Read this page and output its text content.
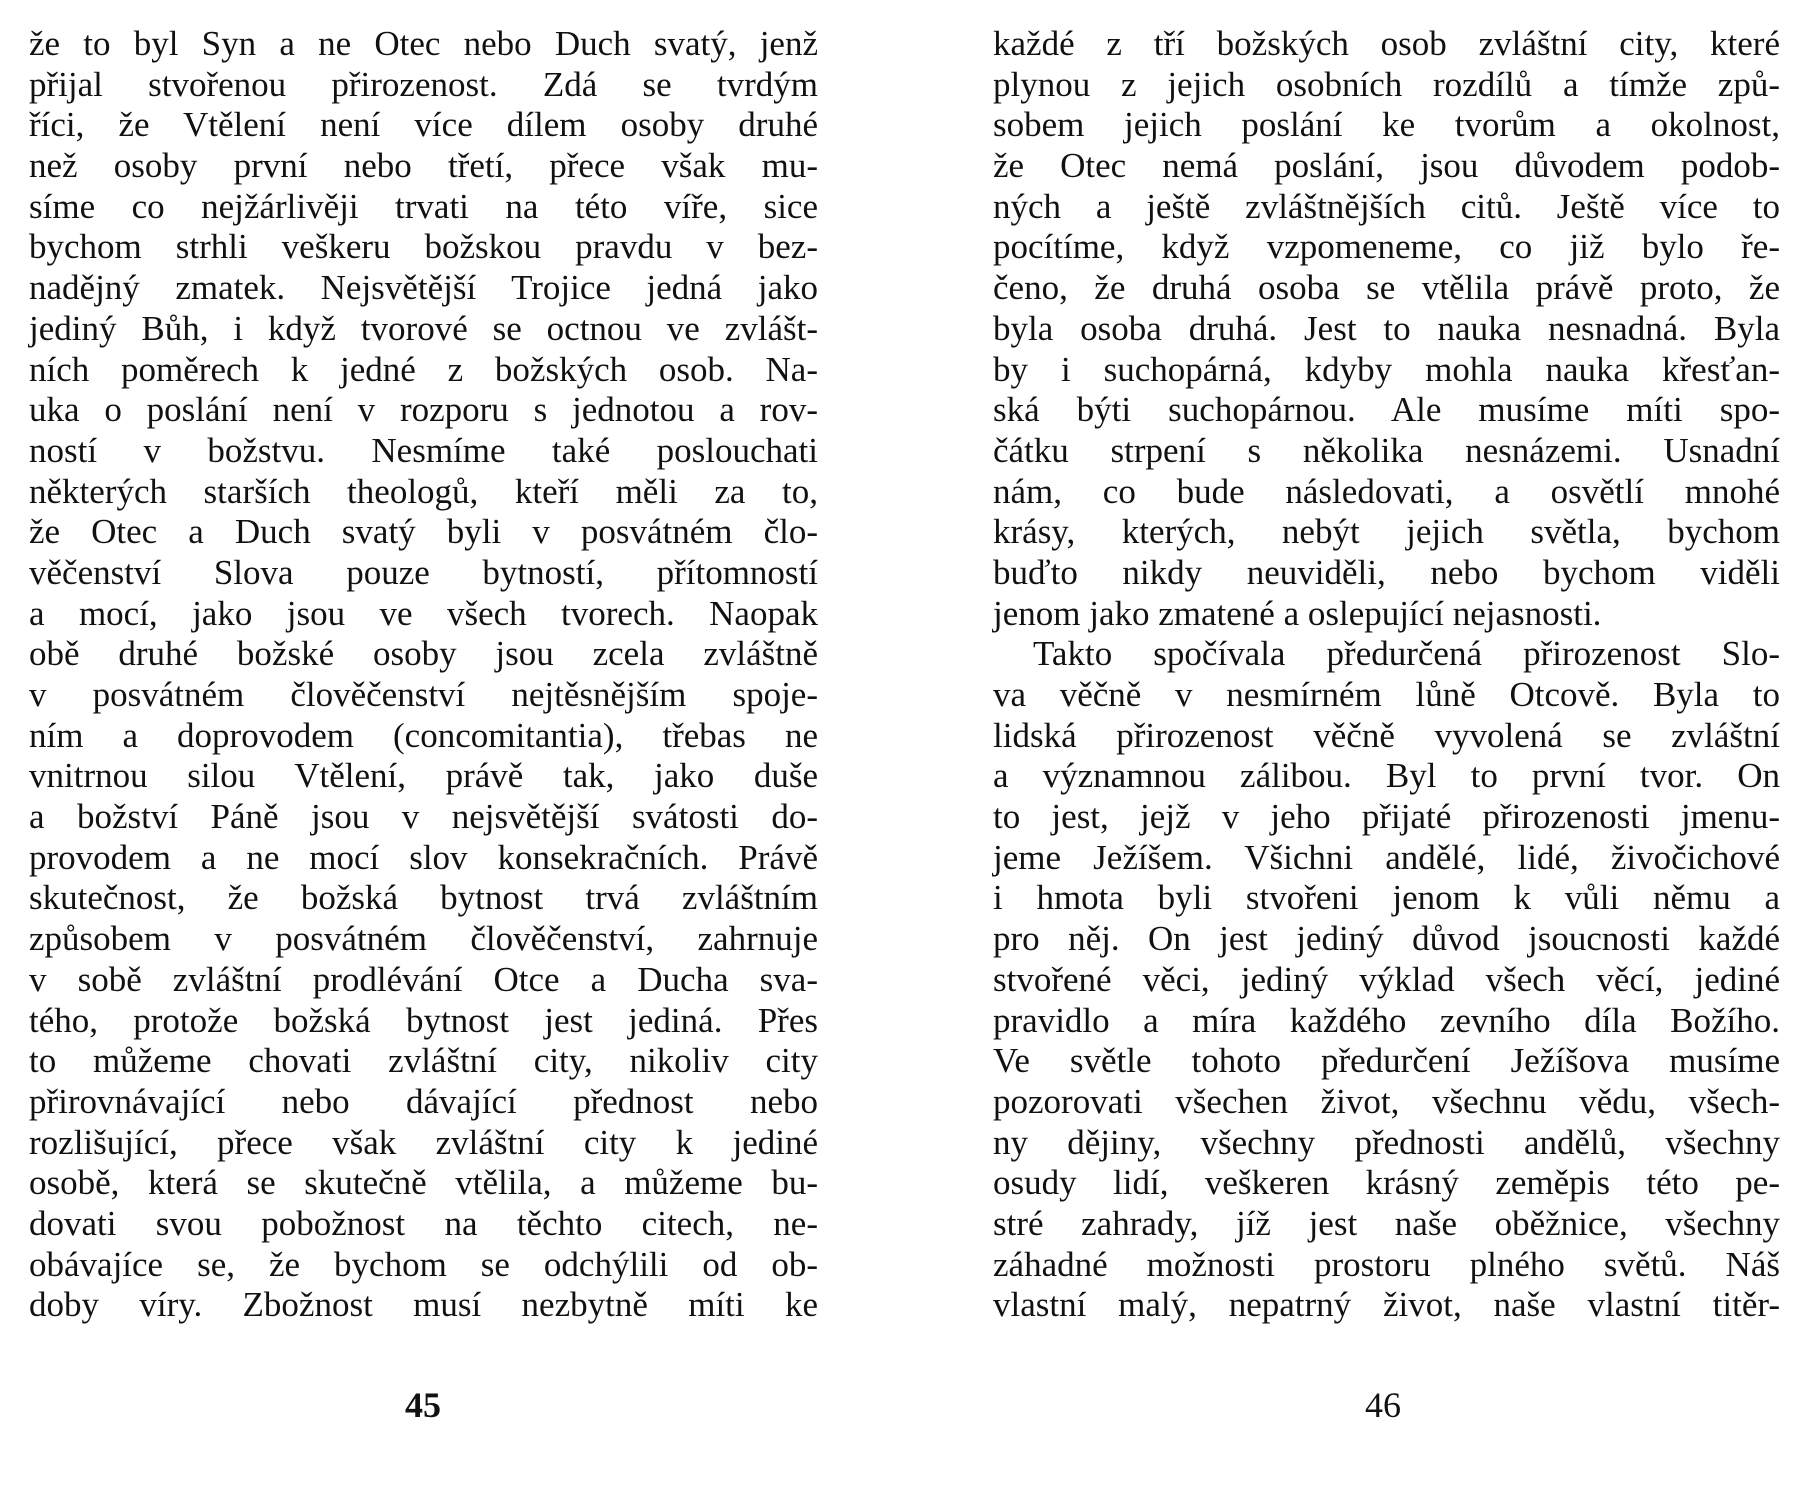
že to byl Syn a ne Otec nebo Duch svatý, jenž
přijal stvořenou přirozenost. Zdá se tvrdým
říci, že Vtělení není více dílem osoby druhé
než osoby první nebo třetí, přece však mu-
síme co nejžárlivěji trvati na této víře, sice
bychom strhli veškeru božskou pravdu v bez-
nadějný zmatek. Nejsvětější Trojice jedná jako
jediný Bůh, i když tvorové se octnou ve zvlášt-
ních poměrech k jedné z božských osob. Na-
uka o poslání není v rozporu s jednotou a rov-
ností v božstvu. Nesmíme také poslouchati
některých starších theologů, kteří měli za to,
že Otec a Duch svatý byli v posvátném člo-
věčenství Slova pouze bytností, přítomností
a mocí, jako jsou ve všech tvorech. Naopak
obě druhé božské osoby jsou zcela zvláštně
v posvátném člověčenství nejtěsnějším spoje-
ním a doprovodem (concomitantia), třebas ne
vnitrnou silou Vtělení, právě tak, jako duše
a božství Páně jsou v nejsvětější svátosti do-
provodem a ne mocí slov konsekračních. Právě
skutečnost, že božská bytnost trvá zvláštním
způsobem v posvátném člověčenství, zahrnuje
v sobě zvláštní prodlévání Otce a Ducha sva-
tého, protože božská bytnost jest jediná. Přes
to můžeme chovati zvláštní city, nikoliv city
přirovnávající nebo dávající přednost nebo
rozlišující, přece však zvláštní city k jediné
osobě, která se skutečně vtělila, a můžeme bu-
dovati svou pobožnost na těchto citech, ne-
obávajíce se, že bychom se odchýlili od ob-
doby víry. Zbožnost musí nezbytně míti ke
každé z tří božských osob zvláštní city, které
plynou z jejich osobních rozdílů a tímže způ-
sobem jejich poslání ke tvorům a okolnost,
že Otec nemá poslání, jsou důvodem podob-
ných a ještě zvláštnějších citů. Ještě více to
pocítíme, když vzpomeneme, co již bylo ře-
čeno, že druhá osoba se vtělila právě proto, že
byla osoba druhá. Jest to nauka nesnadná. Byla
by i suchopárná, kdyby mohla nauka křesťan-
ská býti suchopárnou. Ale musíme míti spo-
čátku strpení s několika nesnázemi. Usnadní
nám, co bude následovati, a osvětlí mnohé
krásy, kterých, nebýt jejich světla, bychom
buďto nikdy neuviděli, nebo bychom viděli
jenom jako zmatené a oslepující nejasnosti.
Takto spočívala předurčená přirozenost Slo-
va věčně v nesmírném lůně Otcově. Byla to
lidská přirozenost věčně vyvolená se zvláštní
a významnou zálibou. Byl to první tvor. On
to jest, jejž v jeho přijaté přirozenosti jmenu-
jeme Ježíšem. Všichni andělé, lidé, živočichové
i hmota byli stvořeni jenom k vůli němu a
pro něj. On jest jediný důvod jsoucnosti každé
stvořené věci, jediný výklad všech věcí, jediné
pravidlo a míra každého zevního díla Božího.
Ve světle tohoto předurčení Ježíšova musíme
pozorovati všechen život, všechnu vědu, všech-
ny dějiny, všechny přednosti andělů, všechny
osudy lidí, veškeren krásný zeměpis této pe-
stré zahrady, jíž jest naše oběžnice, všechny
záhadné možnosti prostoru plného světů. Náš
vlastní malý, nepatrný život, naše vlastní titěr-
45	46
